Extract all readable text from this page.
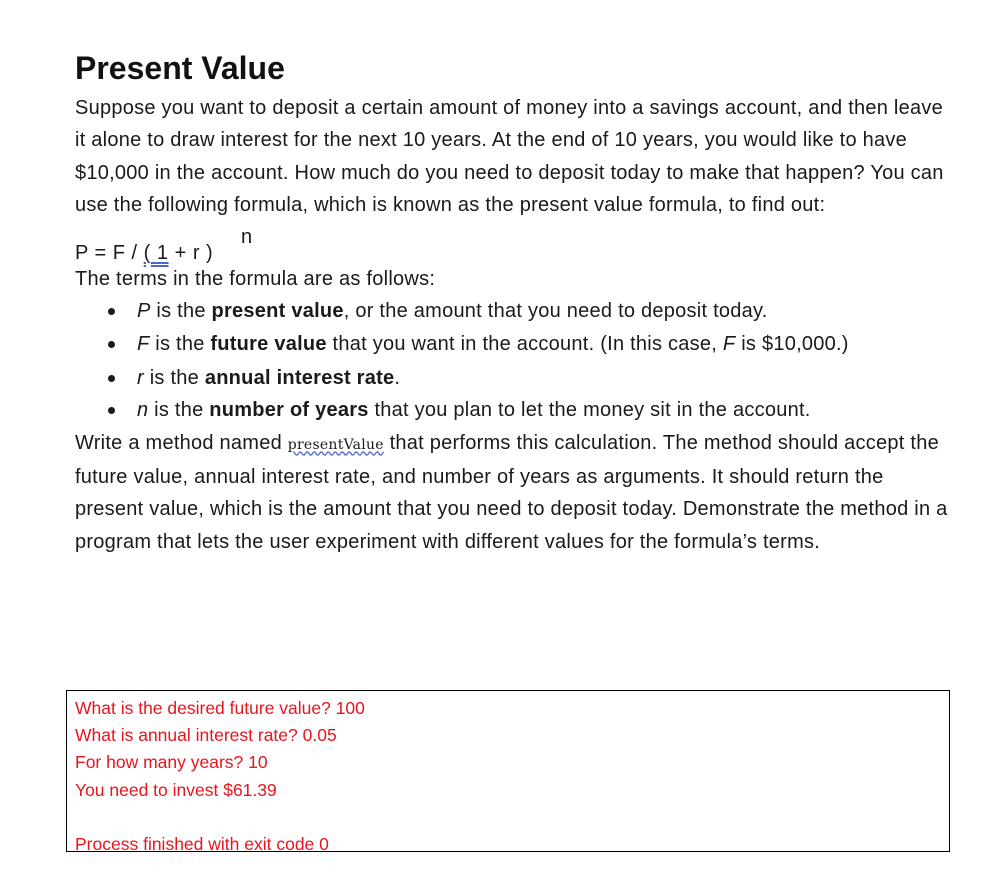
Present Value

Suppose you want to deposit a certain amount of money into a savings account, and then leave it alone to draw interest for the next 10 years. At the end of 10 years, you would like to have $10,000 in the account. How much do you need to deposit today to make that happen? You can use the following formula, which is known as the present value formula, to find out:

P = F / ( 1 + r )
n

The terms in the formula are as follows:

P is the present value, or the amount that you need to deposit today.
F is the future value that you want in the account. (In this case, F is $10,000.)
r is the annual interest rate.
n is the number of years that you plan to let the money sit in the account.

Write a method named presentValue that performs this calculation. The method should accept the future value, annual interest rate, and number of years as arguments. It should return the present value, which is the amount that you need to deposit today. Demonstrate the method in a program that lets the user experiment with different values for the formula’s terms.

What is the desired future value? 100
What is annual interest rate? 0.05
For how many years? 10
You need to invest $61.39
Process finished with exit code 0
